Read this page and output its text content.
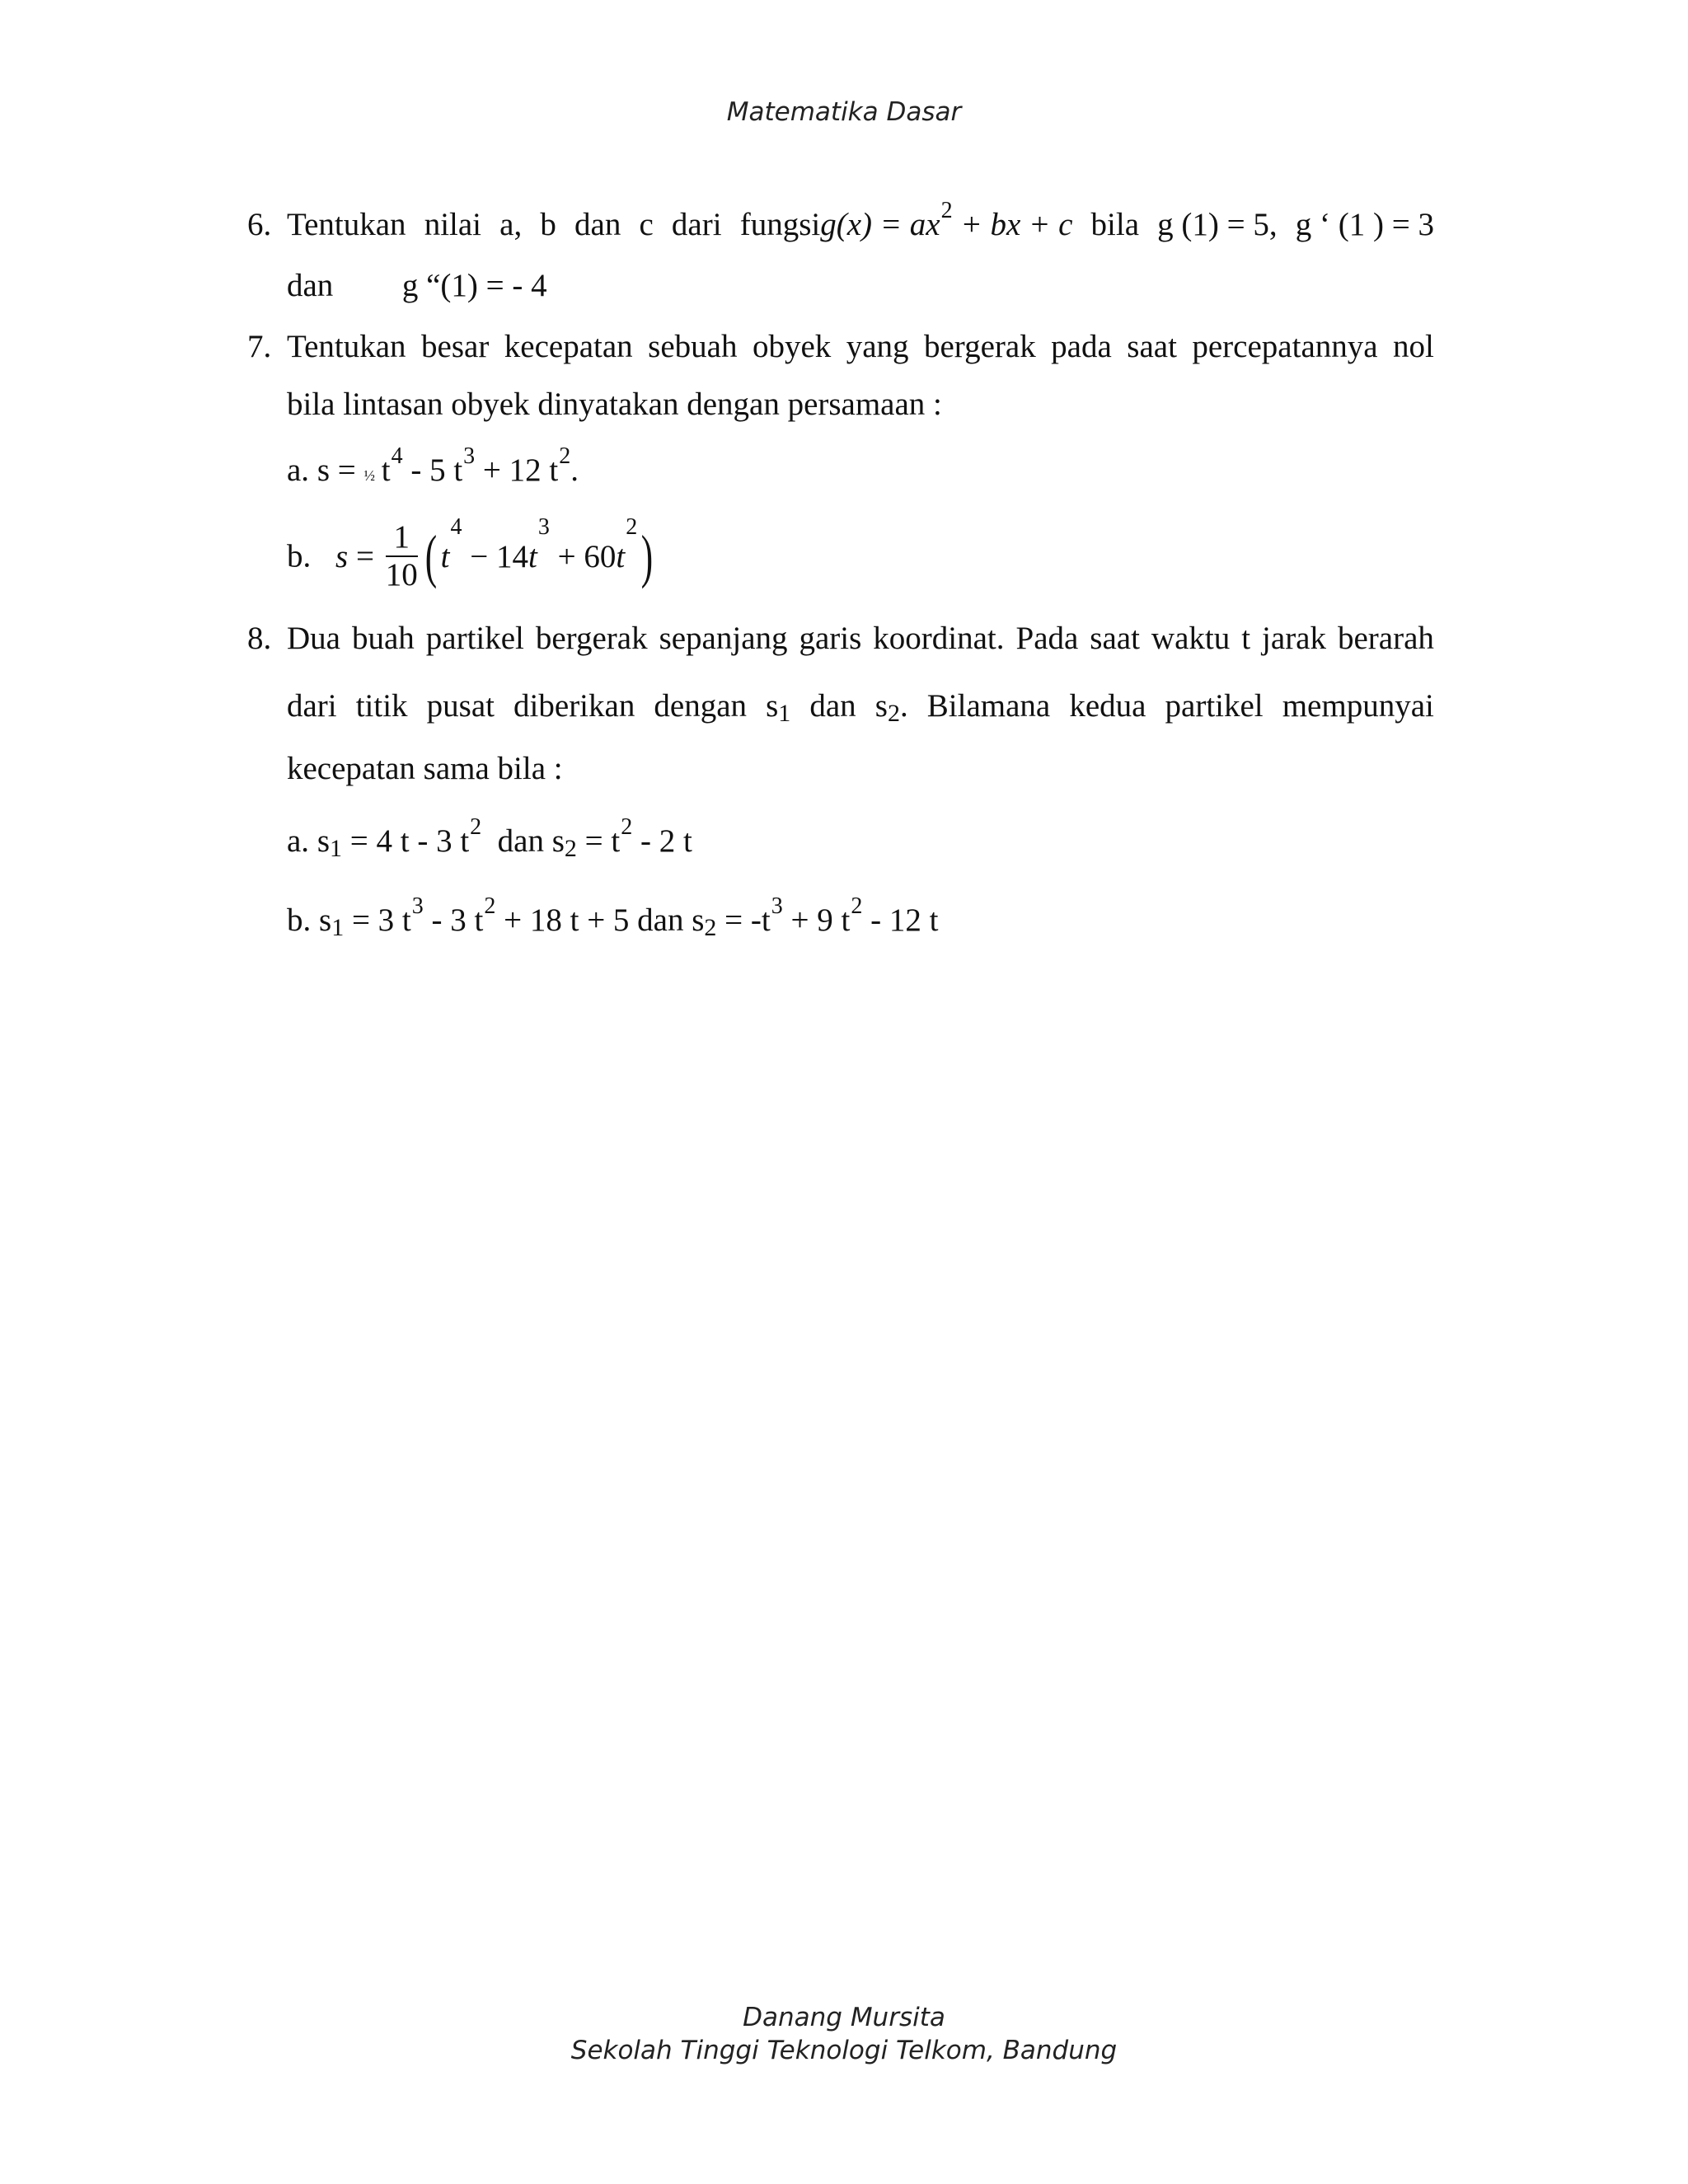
Matematika Dasar
6. Tentukan nilai a, b dan c dari fungsig(x) = $ax^2$ + bx + c bila g (1) = 5, g ‘ (1 ) = 3
dan g “(1) = - 4
7. Tentukan besar kecepatan sebuah obyek yang bergerak pada saat percepatannya nol
bila lintasan obyek dinyatakan dengan persamaan :
a. s = ½ $t^4 - 5$ $t^3 + 12$ $t^2$.
b. $s = \frac{1}{10}$ ( $t^4 - 14t^3 + 60t^2$)
8. Dua buah partikel bergerak sepanjang garis koordinat. Pada saat waktu t jarak berarah
dari titik pusat diberikan dengan $s_1$ dan $s_2$. Bilamana kedua partikel mempunyai
kecepatan sama bila :
a. $s_1 = 4$ t - 3 $t^2$  dan $s_2 = t^2 - 2$ t
b. $s_1 = 3$ $t^3 - 3$ $t^2 + 18$ t + 5 dan $s_2 = -t^3 + 9$ $t^2 - 12$ t
Danang Mursita
Sekolah Tinggi Teknologi Telkom, Bandung
